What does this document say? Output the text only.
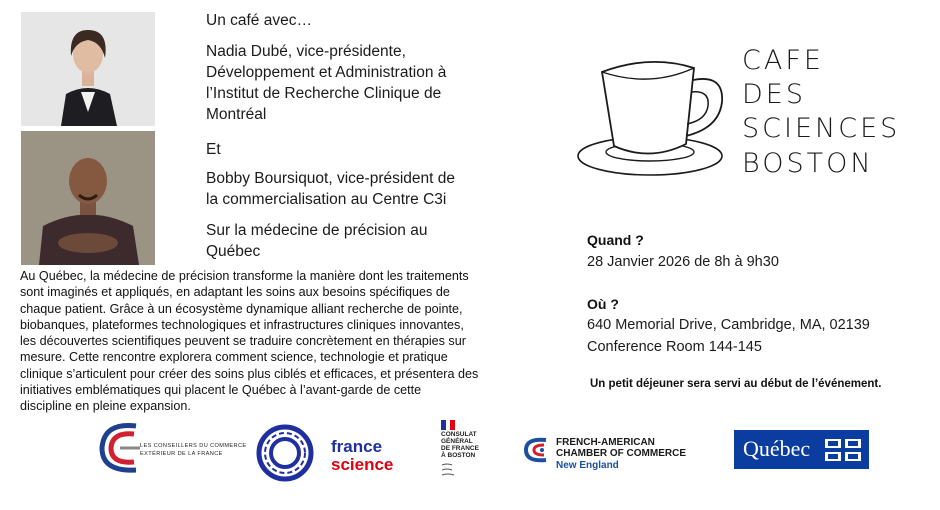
Un café avec…
Nadia Dubé, vice-présidente,
Développement et Administration à
l’Institut de Recherche Clinique de
Montréal
Et
Bobby Boursiquot, vice-président de
la commercialisation au Centre C3i
Sur la médecine de précision au
Québec
Au Québec, la médecine de précision transforme la manière dont les traitements
sont imaginés et appliqués, en adaptant les soins aux besoins spécifiques de
chaque patient. Grâce à un écosystème dynamique alliant recherche de pointe,
biobanques, plateformes technologiques et infrastructures cliniques innovantes,
les découvertes scientifiques peuvent se traduire concrètement en thérapies sur
mesure. Cette rencontre explorera comment science, technologie et pratique
clinique s’articulent pour créer des soins plus ciblés et efficaces, et présentera des
initiatives emblématiques qui placent le Québec à l’avant-garde de cette
discipline en pleine expansion.
CAFE
DES
SCIENCES
BOSTON
Quand ?
28 Janvier 2026 de 8h à 9h30
Où ?
640 Memorial Drive, Cambridge, MA, 02139
Conference Room 144-145
Un petit déjeuner sera servi au début de l’événement.
LES CONSEILLERS DU COMMERCE
EXTÉRIEUR DE LA FRANCE	france
science
CONSULAT
GÉNÉRAL
DE FRANCE
À BOSTON
FRENCH-AMERICAN
CHAMBER OF COMMERCE
New England
Québec
